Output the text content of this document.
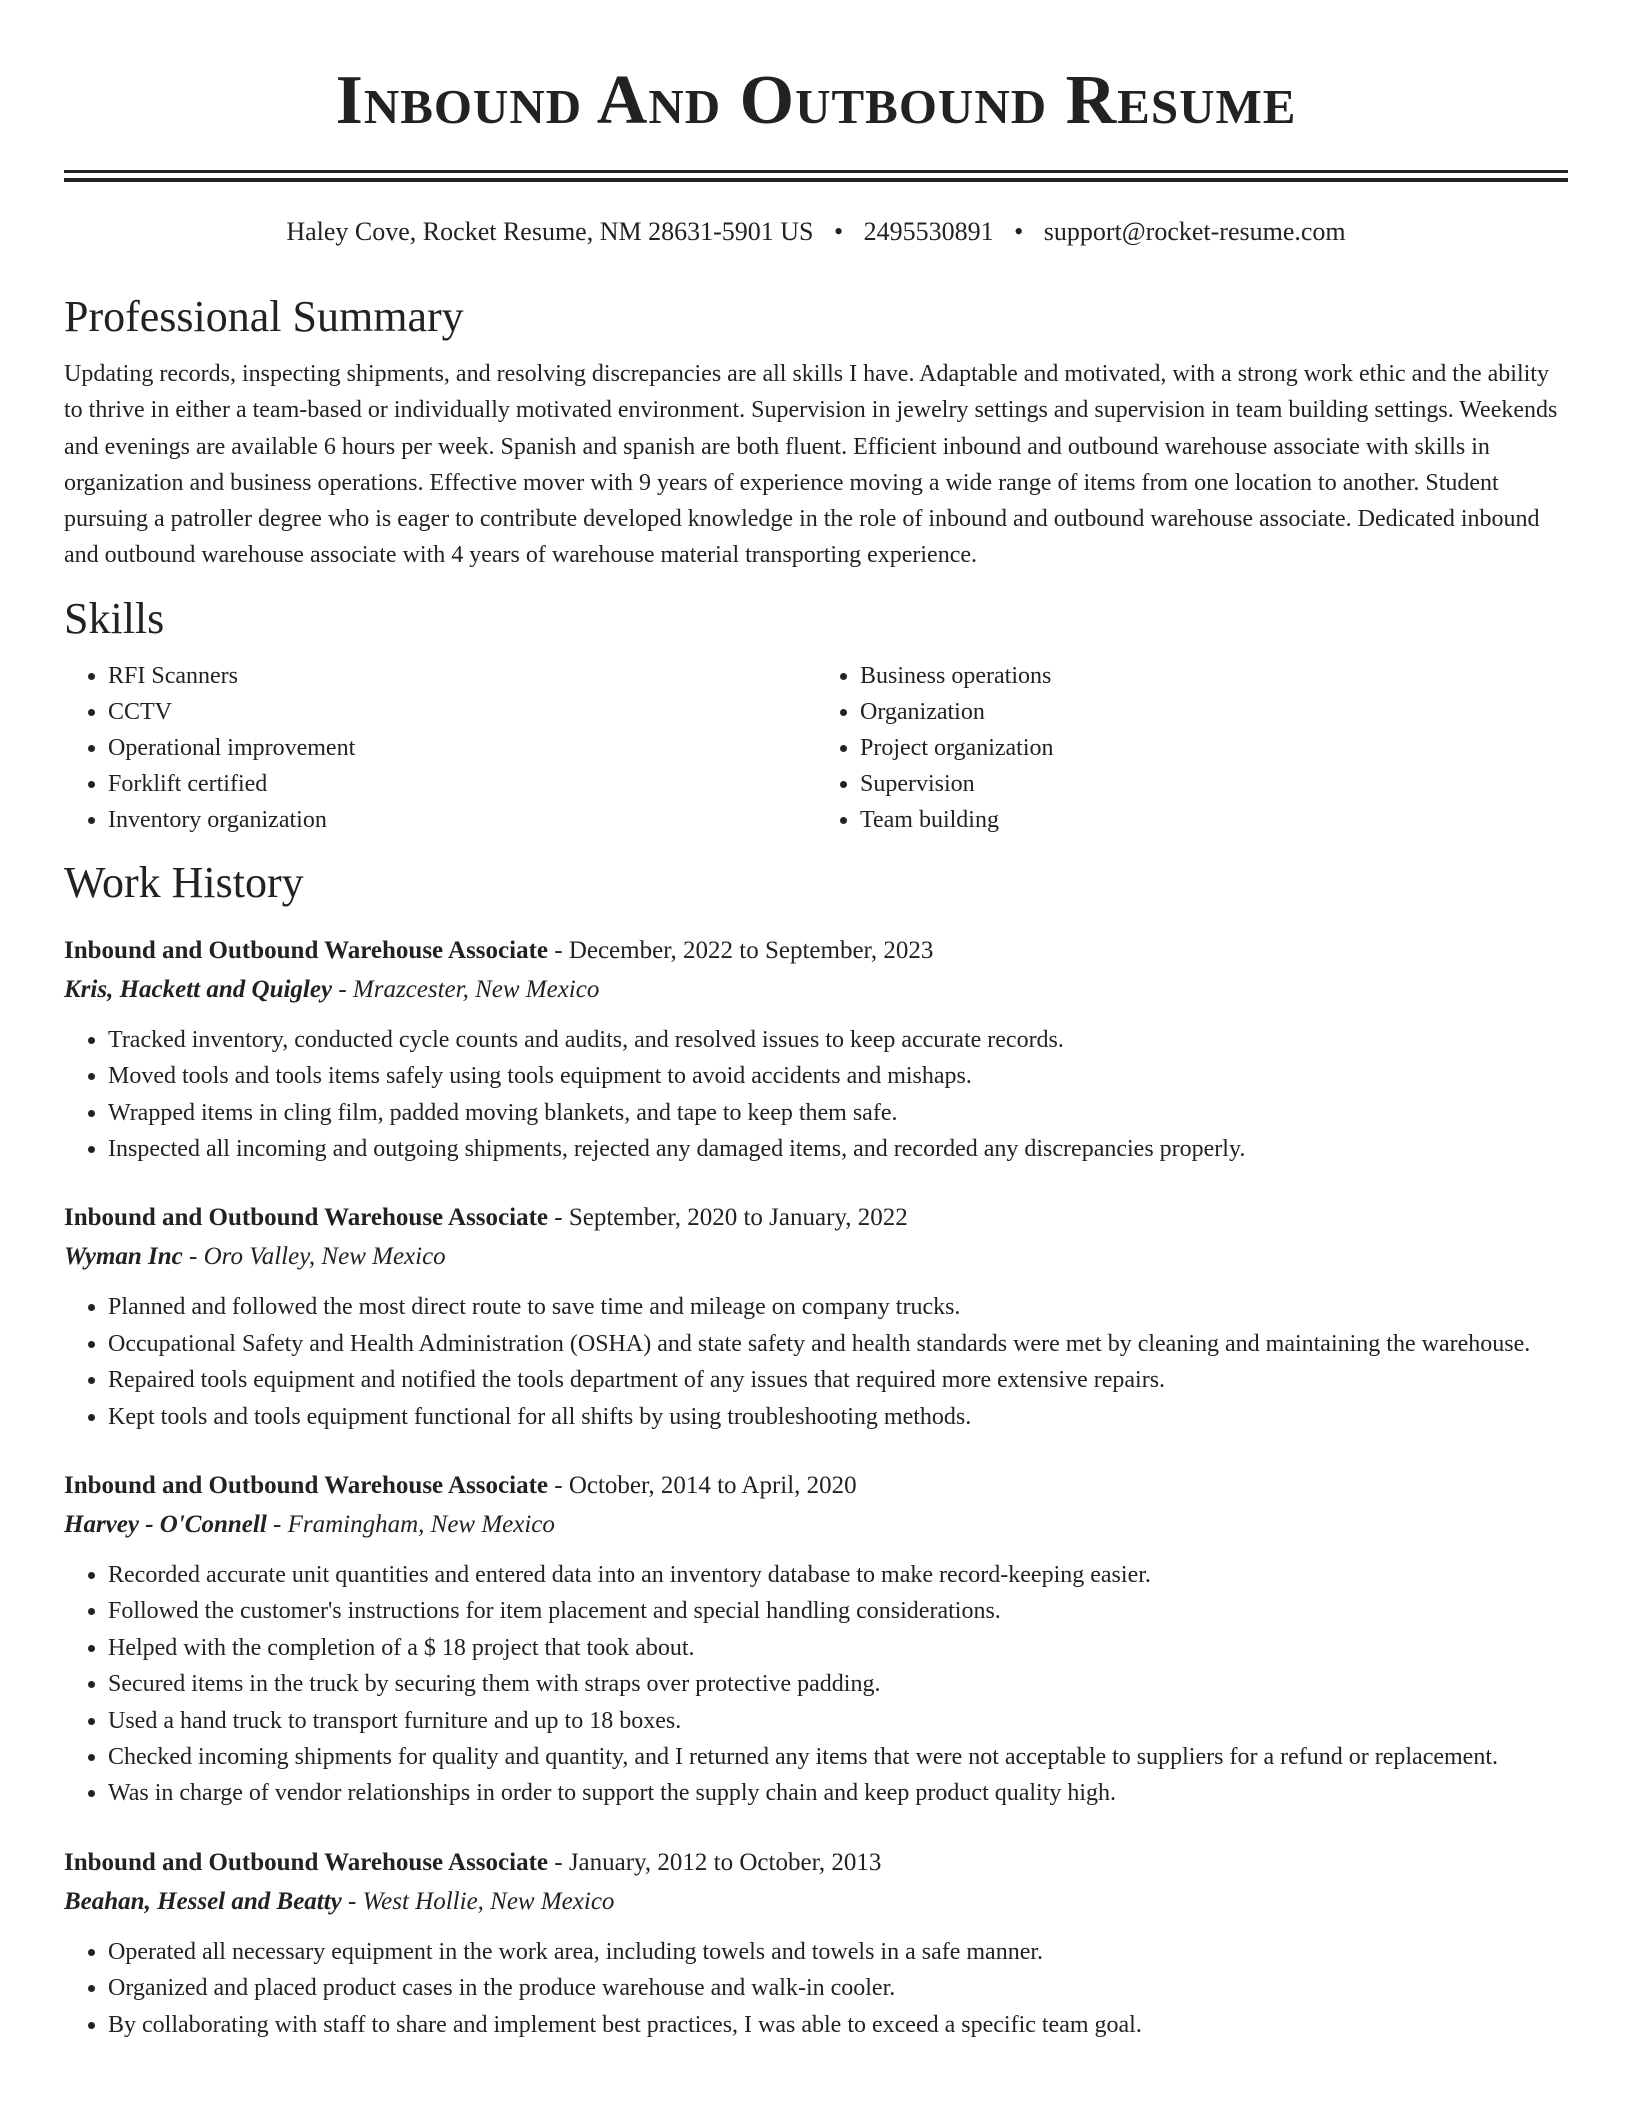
Inbound And Outbound Resume
Haley Cove, Rocket Resume, NM 28631-5901 US • 2495530891 • support@rocket-resume.com
Professional Summary
Updating records, inspecting shipments, and resolving discrepancies are all skills I have. Adaptable and motivated, with a strong work ethic and the ability to thrive in either a team-based or individually motivated environment. Supervision in jewelry settings and supervision in team building settings. Weekends and evenings are available 6 hours per week. Spanish and spanish are both fluent. Efficient inbound and outbound warehouse associate with skills in organization and business operations. Effective mover with 9 years of experience moving a wide range of items from one location to another. Student pursuing a patroller degree who is eager to contribute developed knowledge in the role of inbound and outbound warehouse associate. Dedicated inbound and outbound warehouse associate with 4 years of warehouse material transporting experience.
Skills
• RFI Scanners
• CCTV
• Operational improvement
• Forklift certified
• Inventory organization
• Business operations
• Organization
• Project organization
• Supervision
• Team building
Work History
Inbound and Outbound Warehouse Associate - December, 2022 to September, 2023
Kris, Hackett and Quigley - Mrazcester, New Mexico
• Tracked inventory, conducted cycle counts and audits, and resolved issues to keep accurate records.
• Moved tools and tools items safely using tools equipment to avoid accidents and mishaps.
• Wrapped items in cling film, padded moving blankets, and tape to keep them safe.
• Inspected all incoming and outgoing shipments, rejected any damaged items, and recorded any discrepancies properly.
Inbound and Outbound Warehouse Associate - September, 2020 to January, 2022
Wyman Inc - Oro Valley, New Mexico
• Planned and followed the most direct route to save time and mileage on company trucks.
• Occupational Safety and Health Administration (OSHA) and state safety and health standards were met by cleaning and maintaining the warehouse.
• Repaired tools equipment and notified the tools department of any issues that required more extensive repairs.
• Kept tools and tools equipment functional for all shifts by using troubleshooting methods.
Inbound and Outbound Warehouse Associate - October, 2014 to April, 2020
Harvey - O'Connell - Framingham, New Mexico
• Recorded accurate unit quantities and entered data into an inventory database to make record-keeping easier.
• Followed the customer's instructions for item placement and special handling considerations.
• Helped with the completion of a $ 18 project that took about.
• Secured items in the truck by securing them with straps over protective padding.
• Used a hand truck to transport furniture and up to 18 boxes.
• Checked incoming shipments for quality and quantity, and I returned any items that were not acceptable to suppliers for a refund or replacement.
• Was in charge of vendor relationships in order to support the supply chain and keep product quality high.
Inbound and Outbound Warehouse Associate - January, 2012 to October, 2013
Beahan, Hessel and Beatty - West Hollie, New Mexico
• Operated all necessary equipment in the work area, including towels and towels in a safe manner.
• Organized and placed product cases in the produce warehouse and walk-in cooler.
• By collaborating with staff to share and implement best practices, I was able to exceed a specific team goal.
